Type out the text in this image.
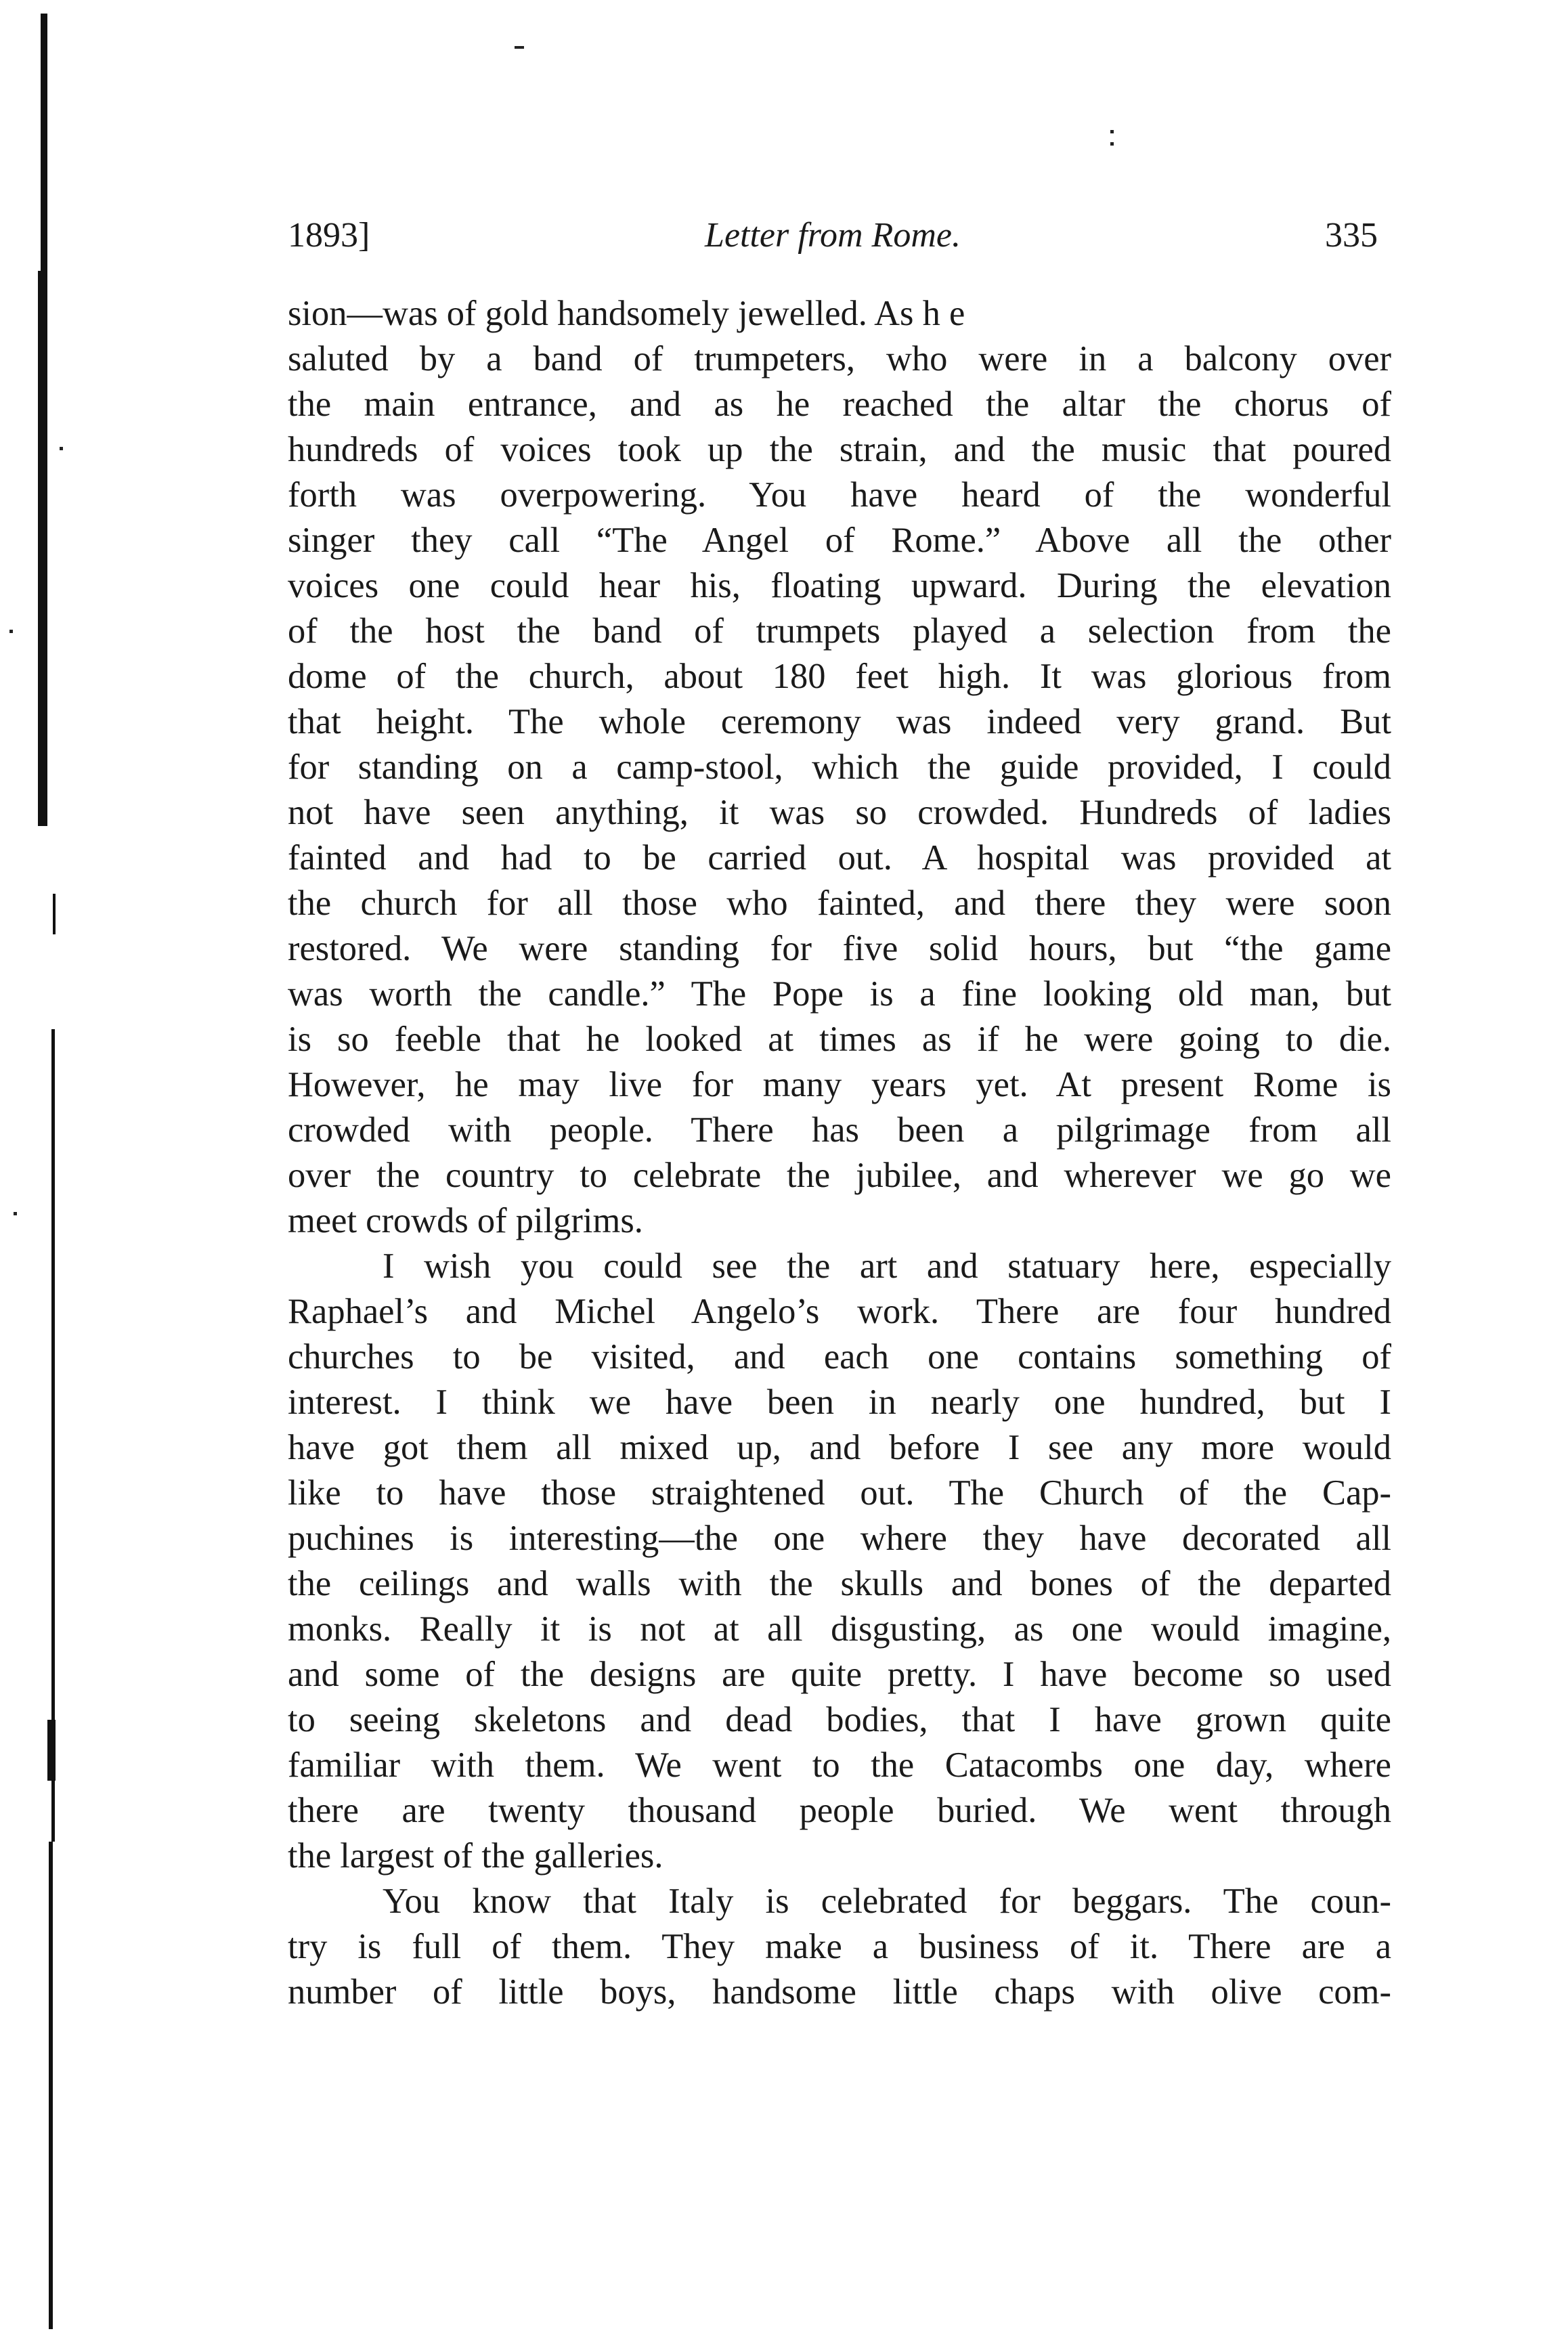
1893]	Letter from Rome.	335
sion—was of gold handsomely jewelled. As h e
saluted by a band of trumpeters, who were in a balcony over
the main entrance, and as he reached the altar the chorus of
hundreds of voices took up the strain, and the music that poured
forth was overpowering. You have heard of the wonderful
singer they call “The Angel of Rome.” Above all the other
voices one could hear his, floating upward. During the elevation
of the host the band of trumpets played a selection from the
dome of the church, about 180 feet high. It was glorious from
that height. The whole ceremony was indeed very grand. But
for standing on a camp-stool, which the guide provided, I could
not have seen anything, it was so crowded. Hundreds of ladies
fainted and had to be carried out. A hospital was provided at
the church for all those who fainted, and there they were soon
restored. We were standing for five solid hours, but “the game
was worth the candle.” The Pope is a fine looking old man, but
is so feeble that he looked at times as if he were going to die.
However, he may live for many years yet. At present Rome is
crowded with people. There has been a pilgrimage from all
over the country to celebrate the jubilee, and wherever we go we
meet crowds of pilgrims.
I wish you could see the art and statuary here, especially
Raphael’s and Michel Angelo’s work. There are four hundred
churches to be visited, and each one contains something of
interest. I think we have been in nearly one hundred, but I
have got them all mixed up, and before I see any more would
like to have those straightened out. The Church of the Cap-
puchines is interesting—the one where they have decorated all
the ceilings and walls with the skulls and bones of the departed
monks. Really it is not at all disgusting, as one would imagine,
and some of the designs are quite pretty. I have become so used
to seeing skeletons and dead bodies, that I have grown quite
familiar with them. We went to the Catacombs one day, where
there are twenty thousand people buried. We went through
the largest of the galleries.
You know that Italy is celebrated for beggars. The coun-
try is full of them. They make a business of it. There are a
number of little boys, handsome little chaps with olive com-
